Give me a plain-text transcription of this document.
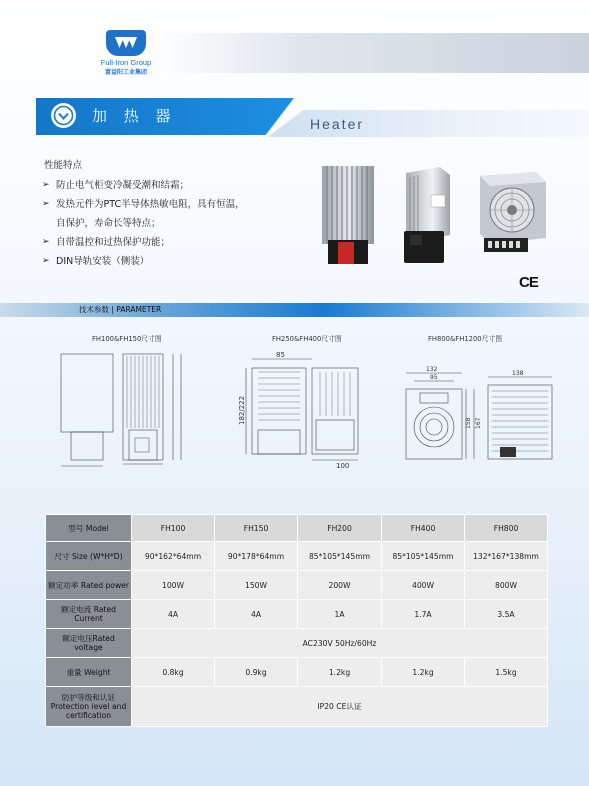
Full-Iron Group
富益阳工业集团
加 热 器	Heater
性能特点
➢ 防止电气柜变冷凝受潮和结霜；
➢ 发热元件为PTC半导体热敏电阻，具有恒温，
自保护，寿命长等特点；
➢ 自带温控和过热保护功能；
➢ DIN导轨安装（侧装）
CE
技术参数 | PARAMETER
FH100&FH150尺寸图	FH250&FH400尺寸图	FH800&FH1200尺寸图
85
182/222
100
132
95
138
158 167
型号 Model	FH100	FH150	FH200	FH400	FH800
尺寸 Size (W*H*D)	90*162*64mm	90*178*64mm	85*105*145mm	85*105*145mm	132*167*138mm
额定功率 Rated power	100W	150W	200W	400W	800W
额定电流 Rated Current	4A	4A	1A	1.7A	3.5A
额定电压Rated voltage	AC230V 50Hz/60Hz				
重量 Weight	0.8kg	0.9kg	1.2kg	1.2kg	1.5kg
防护等级和认证 Protection level and certification	IP20 CE认证				
